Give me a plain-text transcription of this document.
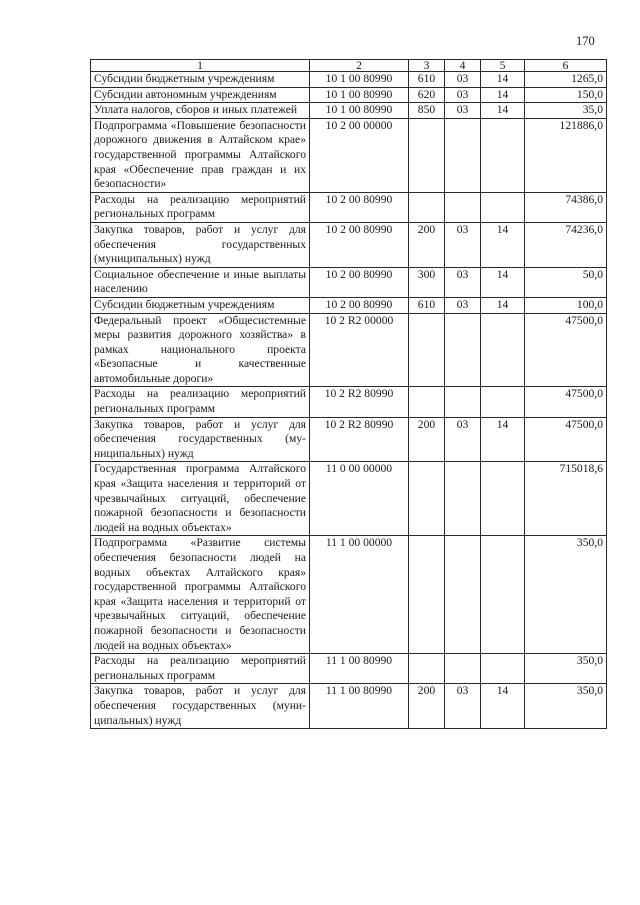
170
1	2	3	4	5	6
Субсидии бюджетным учреждениям	10 1 00 80990	610	03	14	1265,0
Субсидии автономным учреждениям	10 1 00 80990	620	03	14	150,0
Уплата налогов, сборов и иных платежей	10 1 00 80990	850	03	14	35,0
Подпрограмма «Повышение безопасности дорожного движения в Алтайском крае» государственной программы Алтайского края «Обеспечение прав граждан и их безопасности»	10 2 00 00000				121886,0
Расходы на реализацию мероприятий региональных программ	10 2 00 80990				74386,0
Закупка товаров, работ и услуг для обеспечения государственных (муниципальных) нужд	10 2 00 80990	200	03	14	74236,0
Социальное обеспечение и иные выплаты населению	10 2 00 80990	300	03	14	50,0
Субсидии бюджетным учреждениям	10 2 00 80990	610	03	14	100,0
Федеральный проект «Общесистемные меры развития дорожного хозяйства» в рамках национального проекта «Безопасные и качественные автомобильные дороги»	10 2 R2 00000				47500,0
Расходы на реализацию мероприятий региональных программ	10 2 R2 80990				47500,0
Закупка товаров, работ и услуг для обеспечения государственных (муниципальных) нужд	10 2 R2 80990	200	03	14	47500,0
Государственная программа Алтайского края «Защита населения и территорий от чрезвычайных ситуаций, обеспечение пожарной безопасности и безопасности людей на водных объектах»	11 0 00 00000				715018,6
Подпрограмма «Развитие системы обеспечения безопасности людей на водных объектах Алтайского края» государственной программы Алтайского края «Защита населения и территорий от чрезвычайных ситуаций, обеспечение пожарной безопасности и безопасности людей на водных объектах»	11 1 00 00000				350,0
Расходы на реализацию мероприятий региональных программ	11 1 00 80990				350,0
Закупка товаров, работ и услуг для обеспечения государственных (муниципальных) нужд	11 1 00 80990	200	03	14	350,0
